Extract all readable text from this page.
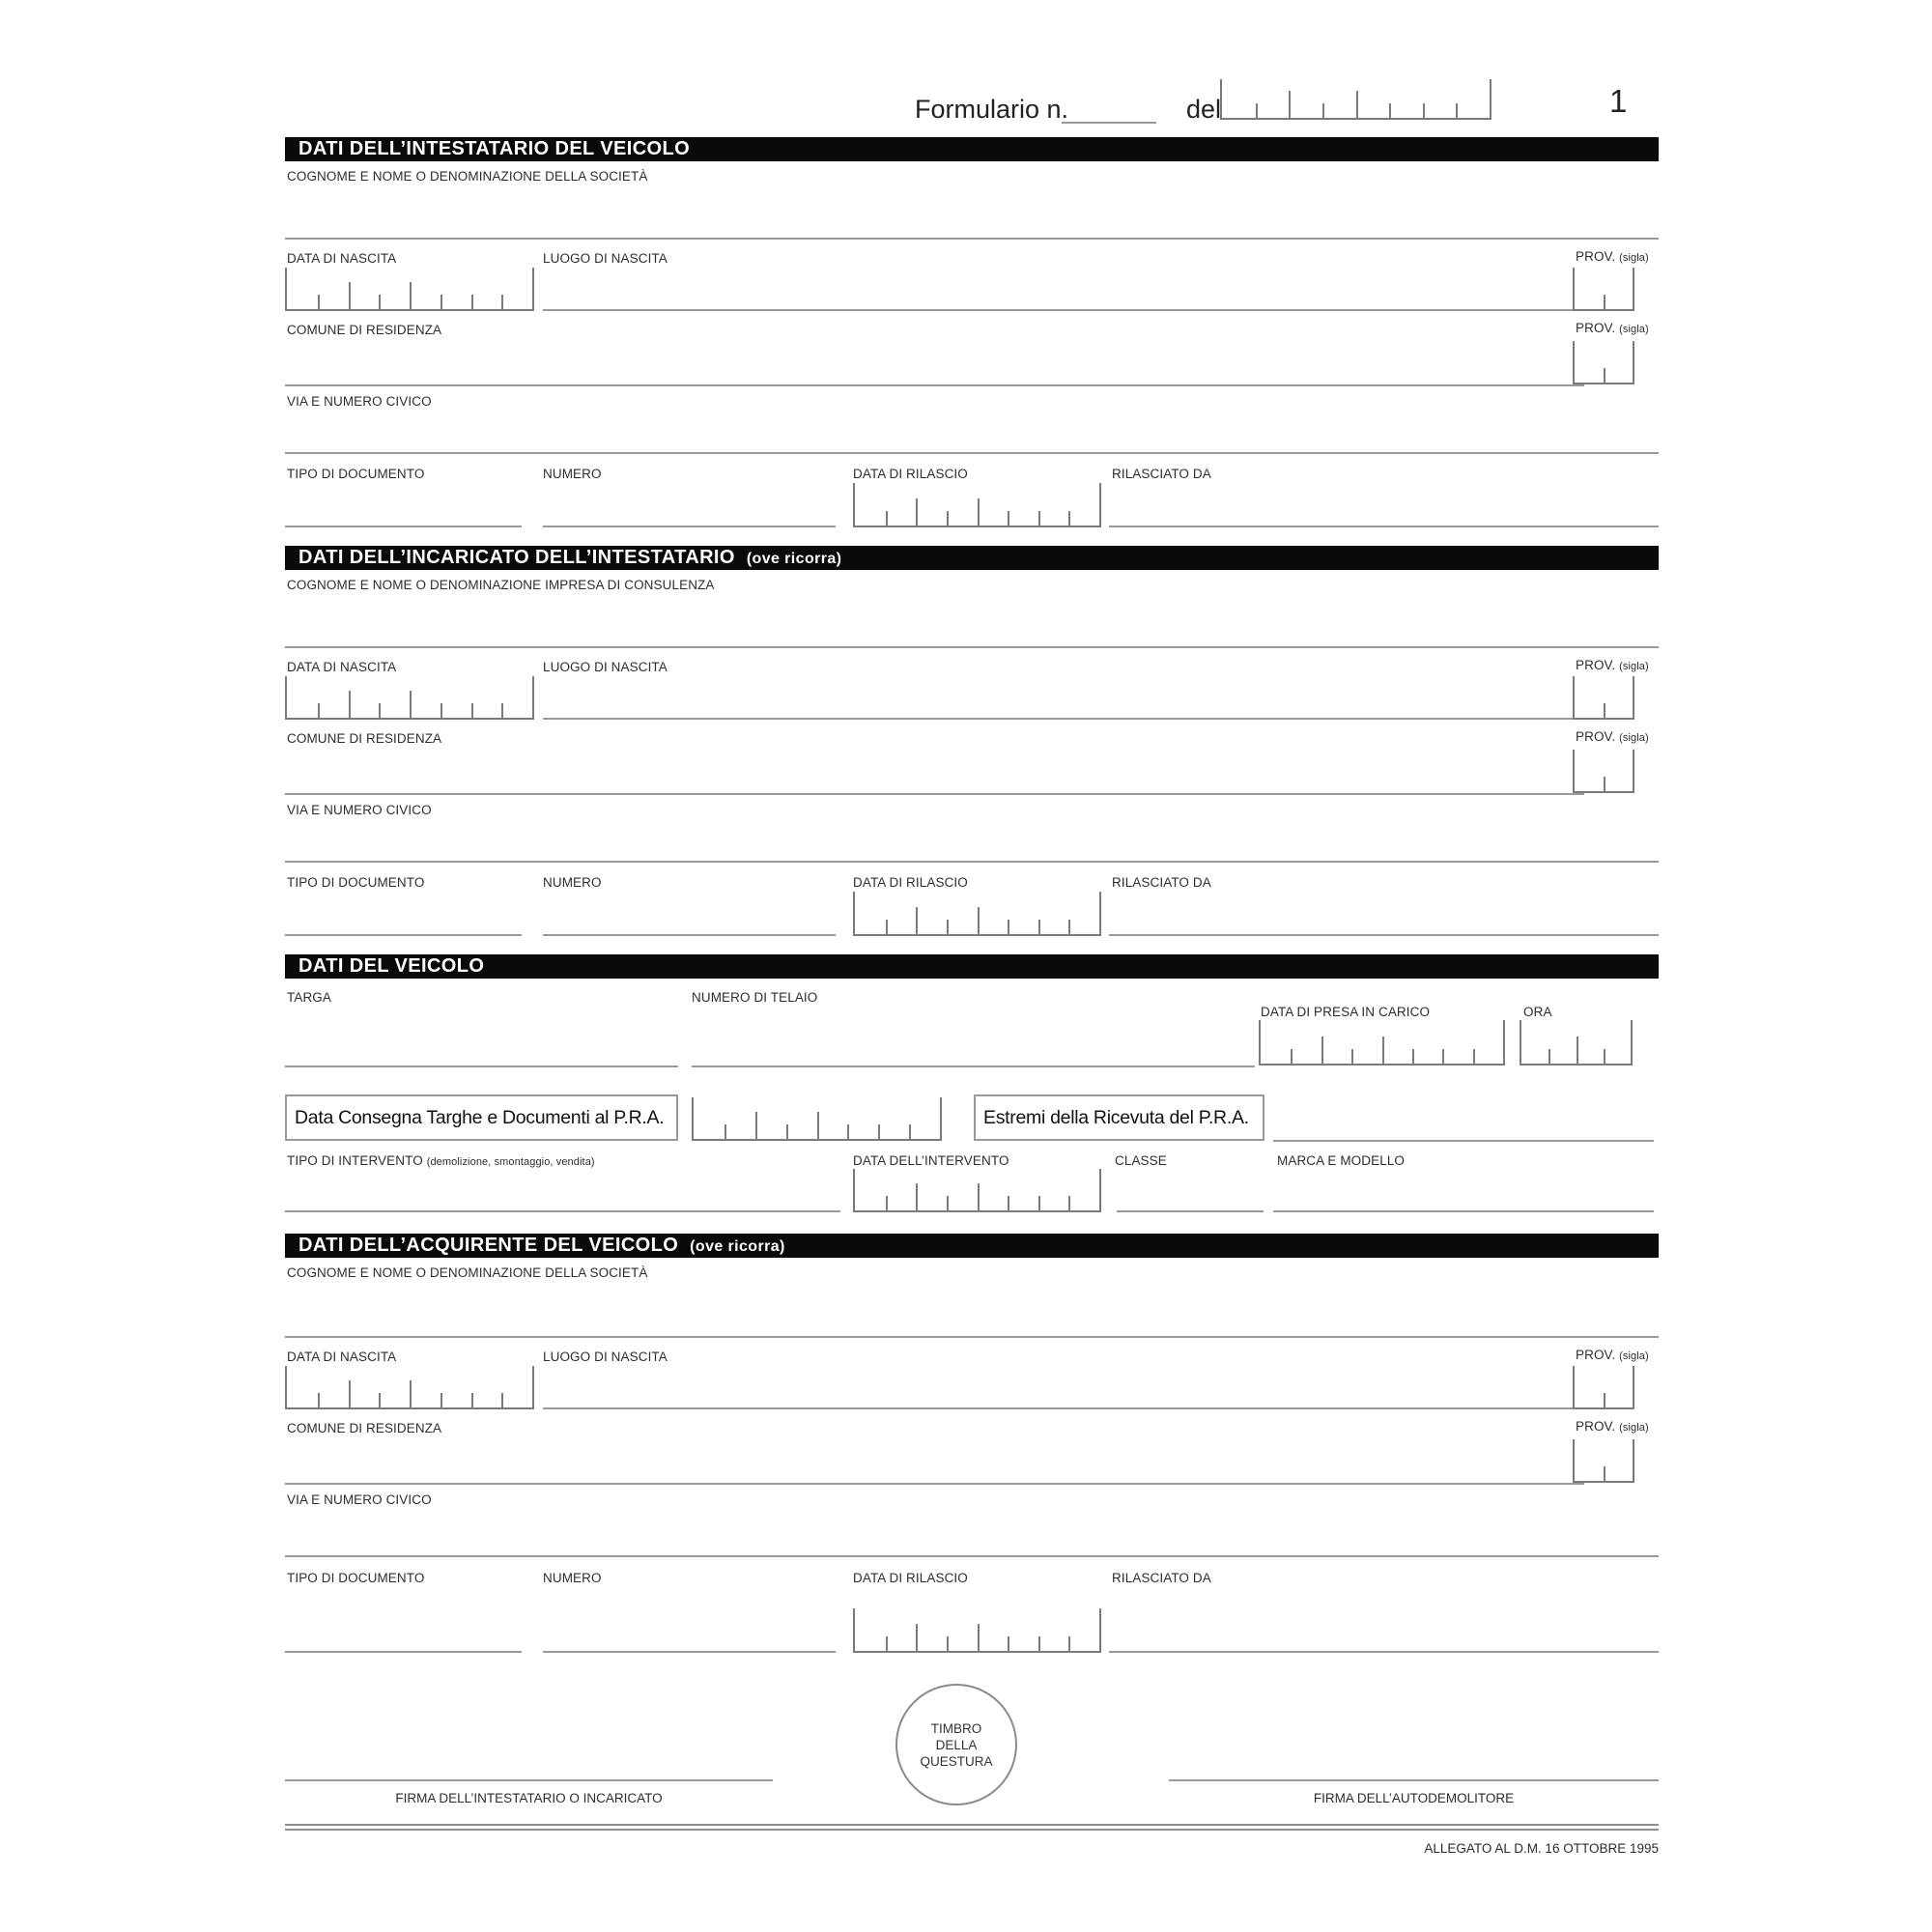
Formulario n.	del	1
DATI DELL’INTESTATARIO DEL VEICOLO
COGNOME E NOME O DENOMINAZIONE DELLA SOCIETÀ
DATA DI NASCITA	LUOGO DI NASCITA	PROV. (sigla)
COMUNE DI RESIDENZA	PROV. (sigla)
VIA E NUMERO CIVICO
TIPO DI DOCUMENTO	NUMERO	DATA DI RILASCIO	RILASCIATO DA
DATI DELL’INCARICATO DELL’INTESTATARIO (ove ricorra)
COGNOME E NOME O DENOMINAZIONE IMPRESA DI CONSULENZA
DATA DI NASCITA	LUOGO DI NASCITA	PROV. (sigla)
COMUNE DI RESIDENZA	PROV. (sigla)
VIA E NUMERO CIVICO
TIPO DI DOCUMENTO	NUMERO	DATA DI RILASCIO	RILASCIATO DA
DATI DEL VEICOLO
TARGA	NUMERO DI TELAIO
DATA DI PRESA IN CARICO	ORA
Data Consegna Targhe e Documenti al P.R.A.	Estremi della Ricevuta del P.R.A.
TIPO DI INTERVENTO (demolizione, smontaggio, vendita)	DATA DELL’INTERVENTO	CLASSE	MARCA E MODELLO
DATI DELL’ACQUIRENTE DEL VEICOLO (ove ricorra)
COGNOME E NOME O DENOMINAZIONE DELLA SOCIETÀ
DATA DI NASCITA	LUOGO DI NASCITA	PROV. (sigla)
COMUNE DI RESIDENZA	PROV. (sigla)
VIA E NUMERO CIVICO
TIPO DI DOCUMENTO	NUMERO	DATA DI RILASCIO	RILASCIATO DA
TIMBRO
DELLA
QUESTURA
FIRMA DELL’INTESTATARIO O INCARICATO	FIRMA DELL’AUTODEMOLITORE
ALLEGATO AL D.M. 16 OTTOBRE 1995
